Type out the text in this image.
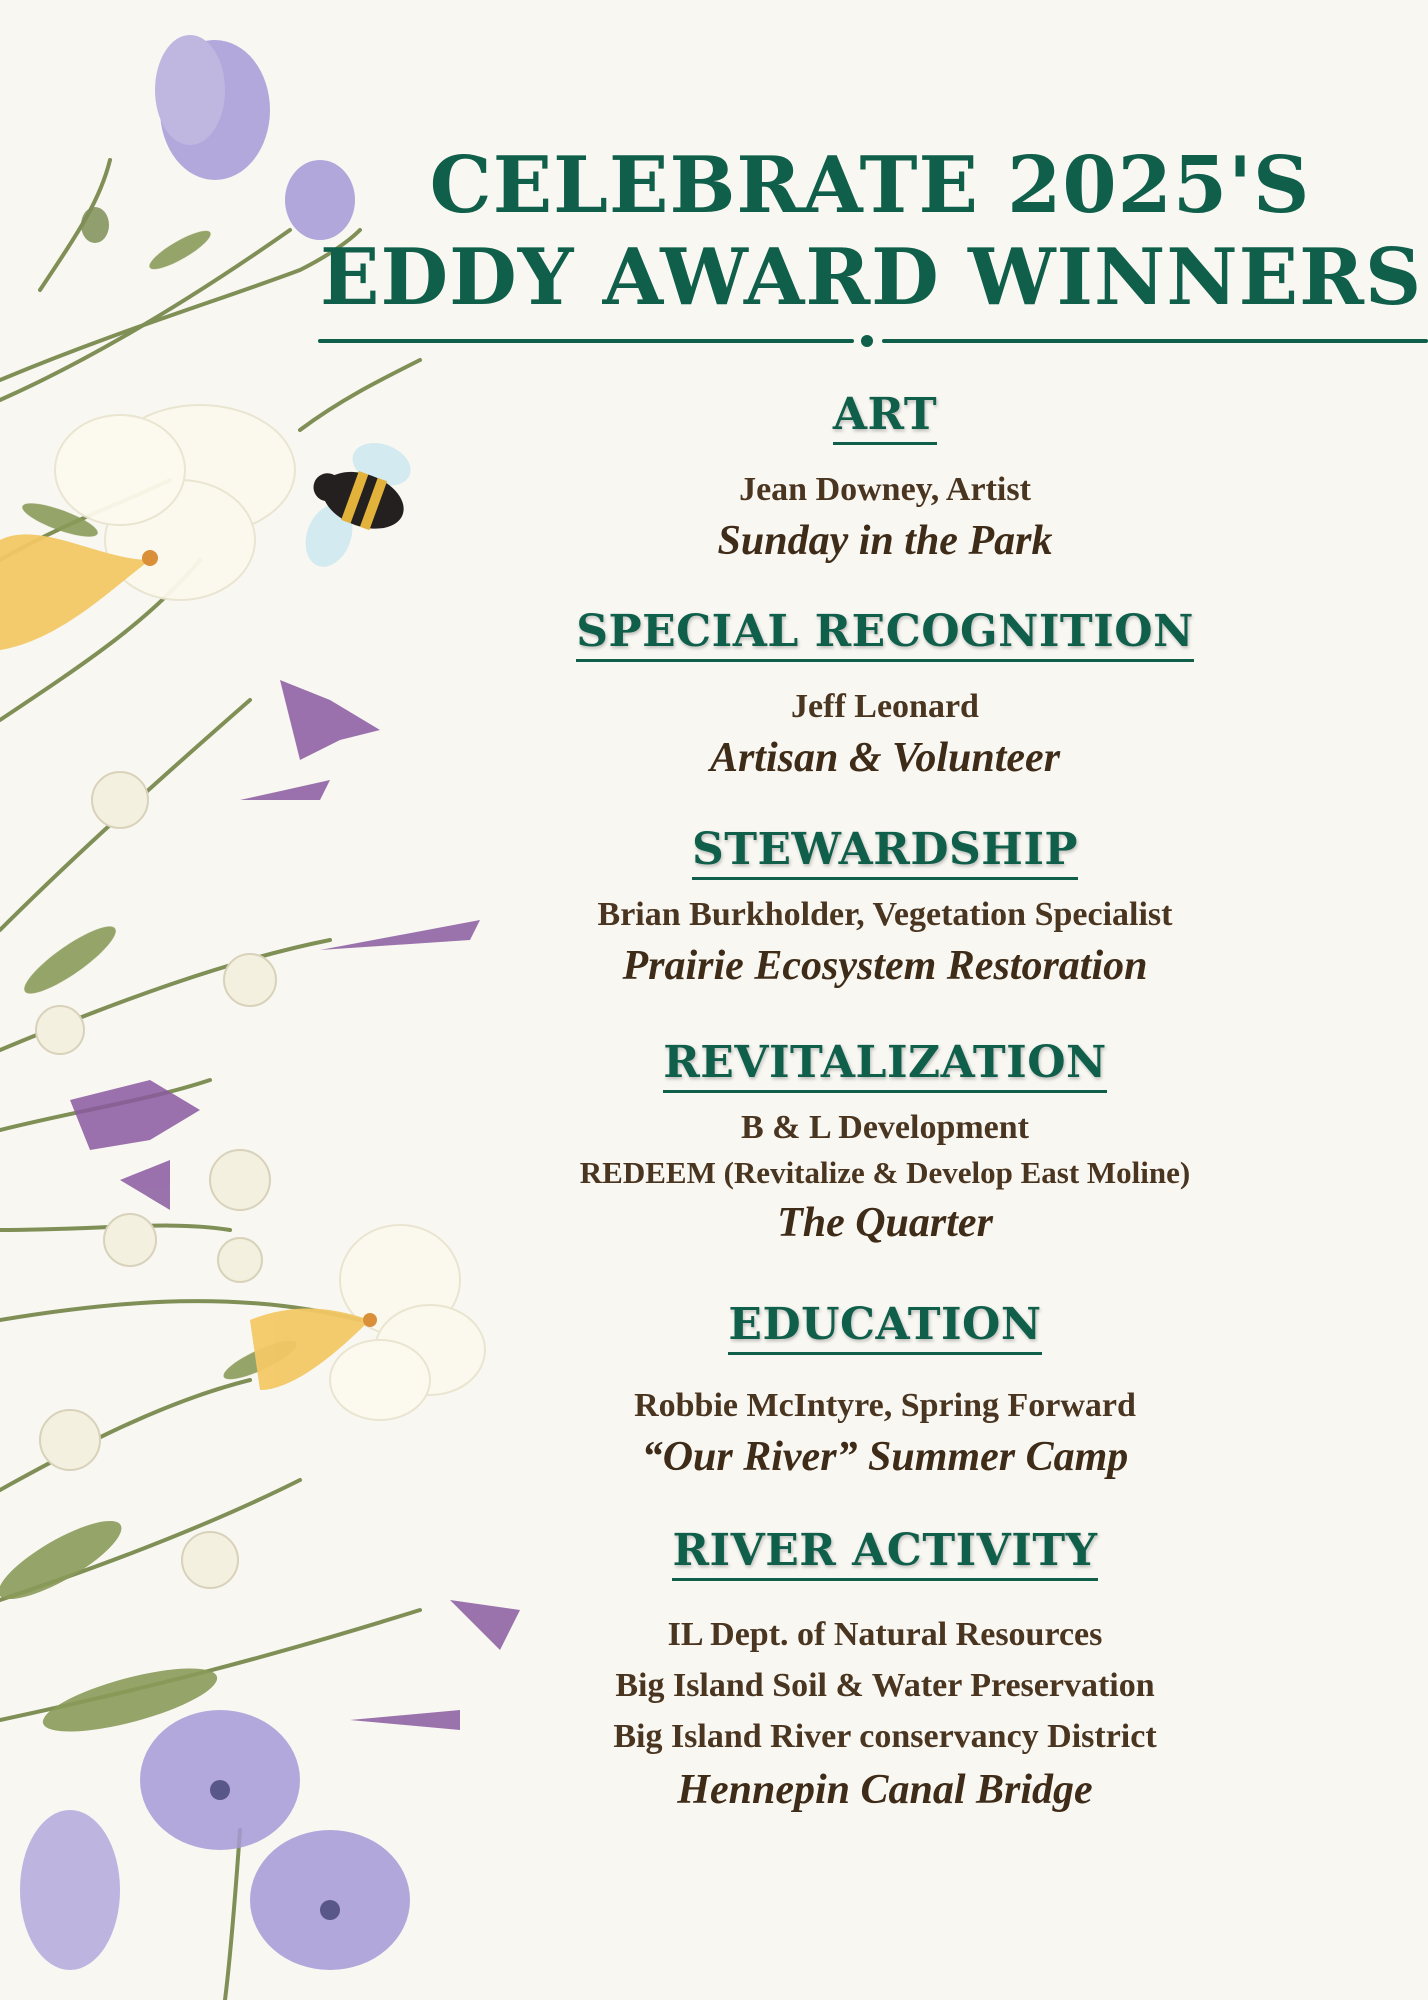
CELEBRATE 2025'S
EDDY AWARD WINNERS
ART
Jean Downey, Artist
Sunday in the Park
SPECIAL RECOGNITION
Jeff Leonard
Artisan & Volunteer
STEWARDSHIP
Brian Burkholder, Vegetation Specialist
Prairie Ecosystem Restoration
REVITALIZATION
B & L Development
REDEEM (Revitalize & Develop East Moline)
The Quarter
EDUCATION
Robbie McIntyre, Spring Forward
“Our River” Summer Camp
RIVER ACTIVITY
IL Dept. of Natural Resources
Big Island Soil & Water Preservation
Big Island River conservancy District
Hennepin Canal Bridge
